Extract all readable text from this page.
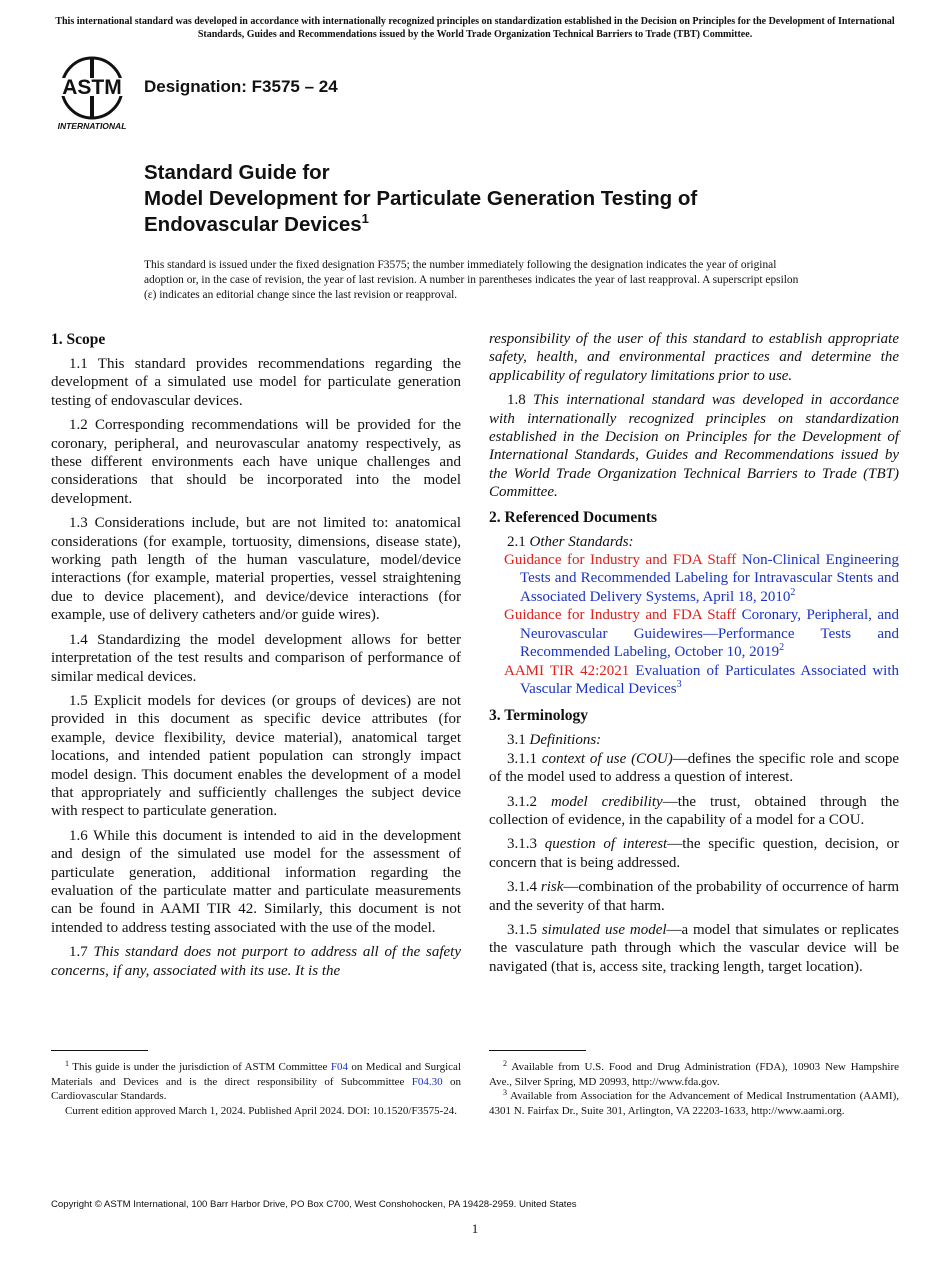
This international standard was developed in accordance with internationally recognized principles on standardization established in the Decision on Principles for the Development of International Standards, Guides and Recommendations issued by the World Trade Organization Technical Barriers to Trade (TBT) Committee.
ASTM
INTERNATIONAL
Designation: F3575 – 24
Standard Guide for
Model Development for Particulate Generation Testing of
Endovascular Devices$^1$
This standard is issued under the fixed designation F3575; the number immediately following the designation indicates the year of original adoption or, in the case of revision, the year of last revision. A number in parentheses indicates the year of last reapproval. A superscript epsilon (ε) indicates an editorial change since the last revision or reapproval.
1. Scope

1.1 This standard provides recommendations regarding the development of a simulated use model for particulate generation testing of endovascular devices.

1.2 Corresponding recommendations will be provided for the coronary, peripheral, and neurovascular anatomy respectively, as these different environments each have unique challenges and considerations that should be incorporated into the model development.

1.3 Considerations include, but are not limited to: anatomical considerations (for example, tortuosity, dimensions, disease state), working path length of the human vasculature, model/device interactions (for example, material properties, vessel straightening due to device placement), and device/device interactions (for example, use of delivery catheters and/or guide wires).

1.4 Standardizing the model development allows for better interpretation of the test results and comparison of performance of similar medical devices.

1.5 Explicit models for devices (or groups of devices) are not provided in this document as specific device attributes (for example, device flexibility, device material), anatomical target locations, and intended patient population can strongly impact model design. This document enables the development of a model that appropriately and sufficiently challenges the subject device with respect to particulate generation.

1.6 While this document is intended to aid in the development and design of the simulated use model for the assessment of particulate generation, additional information regarding the evaluation of the particulate matter and particulate measurements can be found in AAMI TIR 42. Similarly, this document is not intended to address testing associated with the use of the model.

1.7 This standard does not purport to address all of the safety concerns, if any, associated with its use. It is the

responsibility of the user of this standard to establish appropriate safety, health, and environmental practices and determine the applicability of regulatory limitations prior to use.

1.8 This international standard was developed in accordance with internationally recognized principles on standardization established in the Decision on Principles for the Development of International Standards, Guides and Recommendations issued by the World Trade Organization Technical Barriers to Trade (TBT) Committee.

2. Referenced Documents

2.1 Other Standards:

Guidance for Industry and FDA Staff Non-Clinical Engineering Tests and Recommended Labeling for Intravascular Stents and Associated Delivery Systems, April 18, 2010$^2$
Guidance for Industry and FDA Staff Coronary, Peripheral, and Neurovascular Guidewires—Performance Tests and Recommended Labeling, October 10, 2019$^2$
AAMI TIR 42:2021 Evaluation of Particulates Associated with Vascular Medical Devices$^3$
3. Terminology

3.1 Definitions:

3.1.1 context of use (COU)—defines the specific role and scope of the model used to address a question of interest.

3.1.2 model credibility—the trust, obtained through the collection of evidence, in the capability of a model for a COU.

3.1.3 question of interest—the specific question, decision, or concern that is being addressed.

3.1.4 risk—combination of the probability of occurrence of harm and the severity of that harm.

3.1.5 simulated use model—a model that simulates or replicates the vasculature path through which the vascular device will be navigated (that is, access site, tracking length, target location).

$^1$ This guide is under the jurisdiction of ASTM Committee F04 on Medical and Surgical Materials and Devices and is the direct responsibility of Subcommittee F04.30 on Cardiovascular Standards.

Current edition approved March 1, 2024. Published April 2024. DOI: 10.1520/F3575-24.

$^2$ Available from U.S. Food and Drug Administration (FDA), 10903 New Hampshire Ave., Silver Spring, MD 20993, http://www.fda.gov.

$^3$ Available from Association for the Advancement of Medical Instrumentation (AAMI), 4301 N. Fairfax Dr., Suite 301, Arlington, VA 22203-1633, http://www.aami.org.

Copyright © ASTM International, 100 Barr Harbor Drive, PO Box C700, West Conshohocken, PA 19428-2959. United States
1
